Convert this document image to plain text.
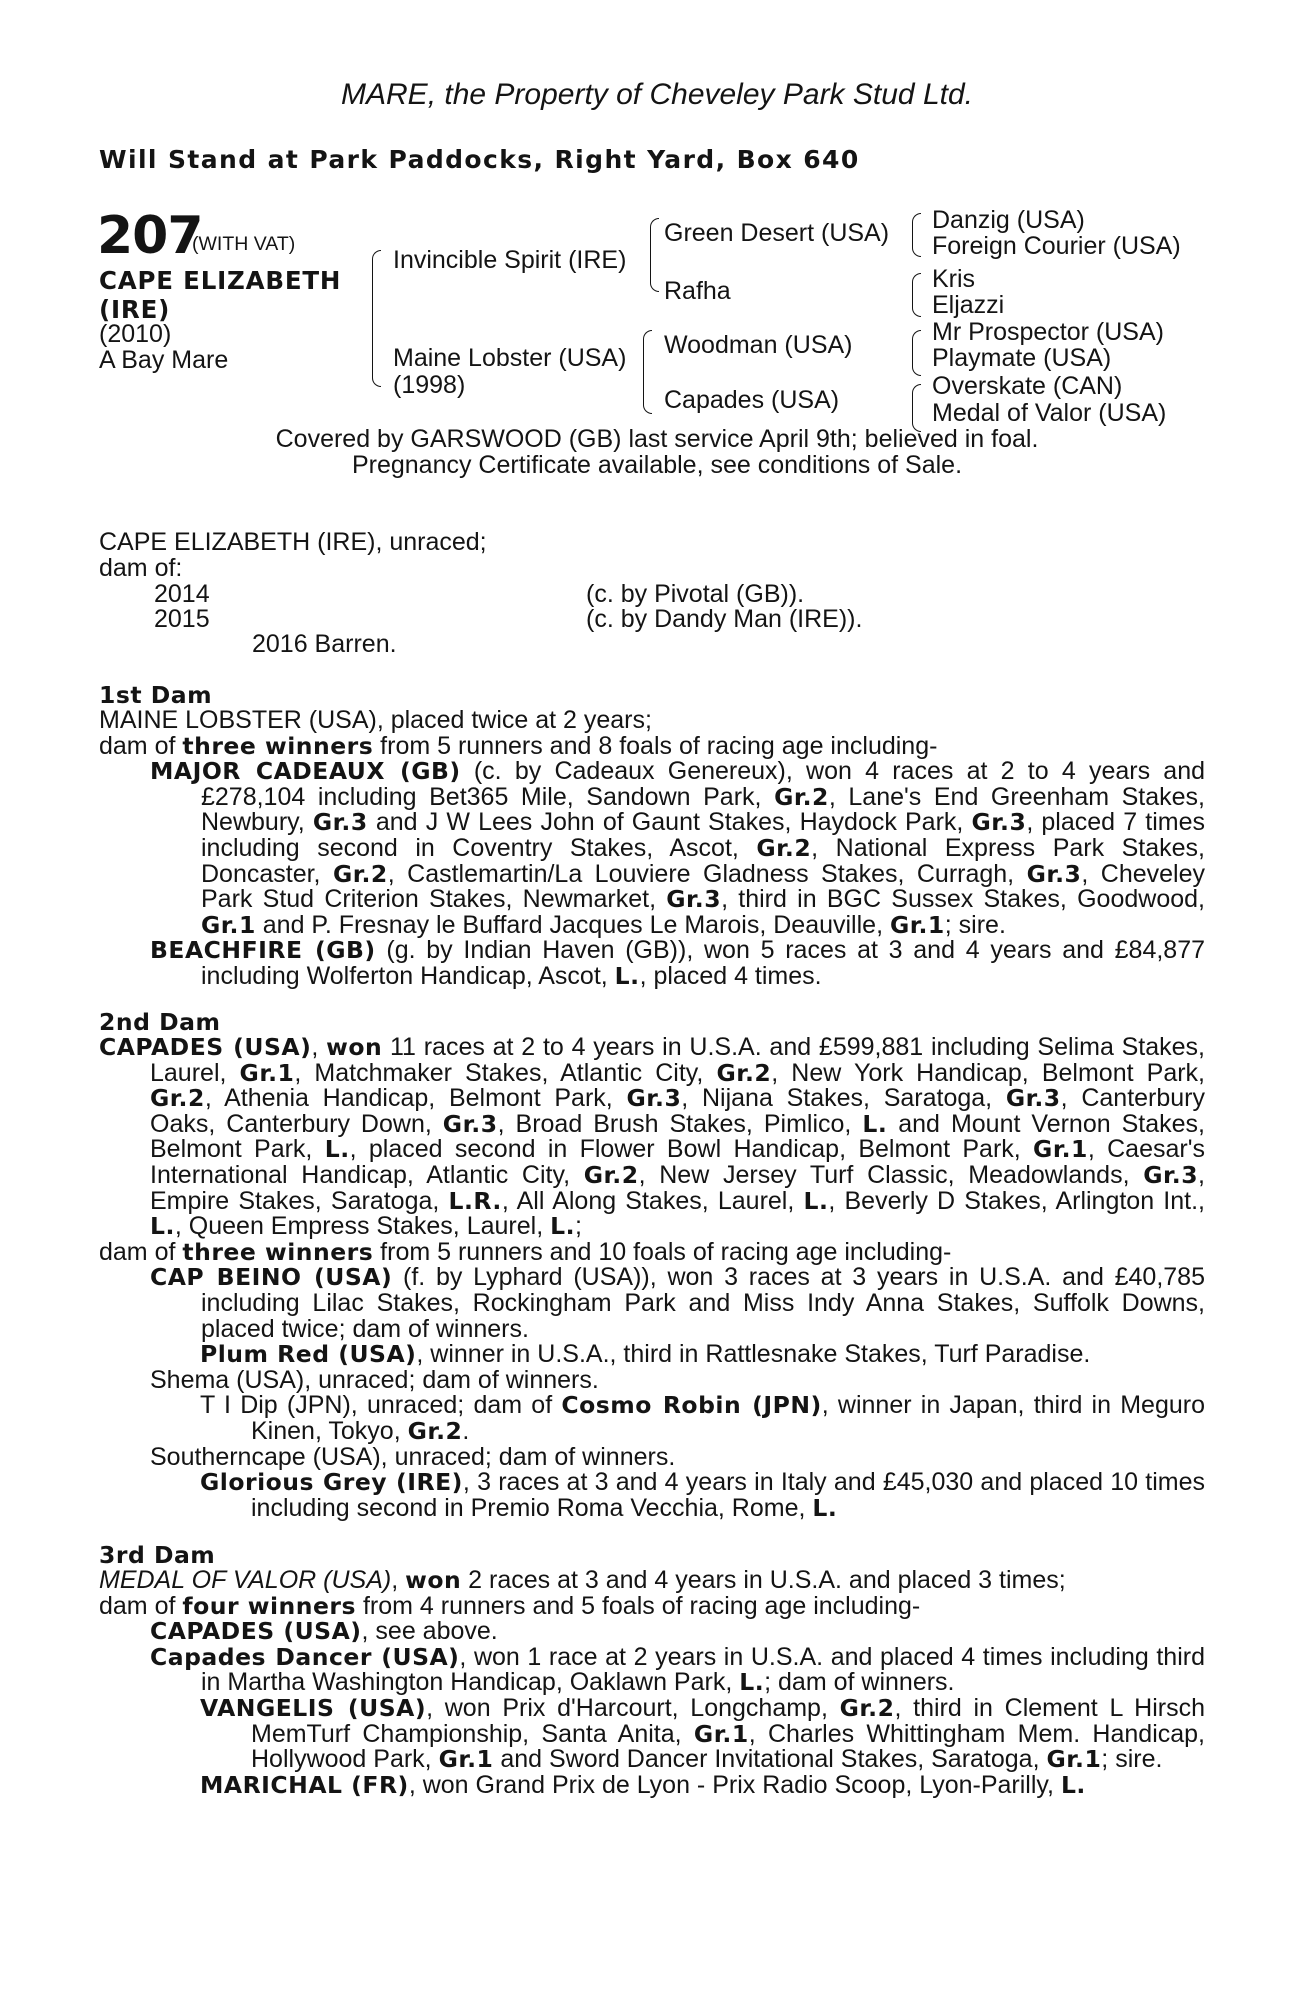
MARE, the Property of Cheveley Park Stud Ltd.
Will Stand at Park Paddocks, Right Yard, Box 640
207
(WITH VAT)
CAPE ELIZABETH (IRE)
(2010)
A Bay Mare
Invincible Spirit (IRE)
Maine Lobster (USA)
(1998)
Green Desert (USA)
Rafha
Woodman (USA)
Capades (USA)
Danzig (USA)
Foreign Courier (USA)
Kris
Eljazzi
Mr Prospector (USA)
Playmate (USA)
Overskate (CAN)
Medal of Valor (USA)
Covered by GARSWOOD (GB) last service April 9th; believed in foal.
Pregnancy Certificate available, see conditions of Sale.
CAPE ELIZABETH (IRE), unraced;
dam of:
2014	(c. by Pivotal (GB)).
2015	(c. by Dandy Man (IRE)).
2016 Barren.
1st Dam
MAINE LOBSTER (USA), placed twice at 2 years;
dam of three winners from 5 runners and 8 foals of racing age including-
MAJOR CADEAUX (GB) (c. by Cadeaux Genereux), won 4 races at 2 to 4 years and £278,104 including Bet365 Mile, Sandown Park, Gr.2, Lane's End Greenham Stakes, Newbury, Gr.3 and J W Lees John of Gaunt Stakes, Haydock Park, Gr.3, placed 7 times including second in Coventry Stakes, Ascot, Gr.2, National Express Park Stakes, Doncaster, Gr.2, Castlemartin/La Louviere Gladness Stakes, Curragh, Gr.3, Cheveley Park Stud Criterion Stakes, Newmarket, Gr.3, third in BGC Sussex Stakes, Goodwood, Gr.1 and P. Fresnay le Buffard Jacques Le Marois, Deauville, Gr.1; sire.
BEACHFIRE (GB) (g. by Indian Haven (GB)), won 5 races at 3 and 4 years and £84,877 including Wolferton Handicap, Ascot, L., placed 4 times.
2nd Dam
CAPADES (USA), won 11 races at 2 to 4 years in U.S.A. and £599,881 including Selima Stakes, Laurel, Gr.1, Matchmaker Stakes, Atlantic City, Gr.2, New York Handicap, Belmont Park, Gr.2, Athenia Handicap, Belmont Park, Gr.3, Nijana Stakes, Saratoga, Gr.3, Canterbury Oaks, Canterbury Down, Gr.3, Broad Brush Stakes, Pimlico, L. and Mount Vernon Stakes, Belmont Park, L., placed second in Flower Bowl Handicap, Belmont Park, Gr.1, Caesar's International Handicap, Atlantic City, Gr.2, New Jersey Turf Classic, Meadowlands, Gr.3, Empire Stakes, Saratoga, L.R., All Along Stakes, Laurel, L., Beverly D Stakes, Arlington Int., L., Queen Empress Stakes, Laurel, L.;
dam of three winners from 5 runners and 10 foals of racing age including-
CAP BEINO (USA) (f. by Lyphard (USA)), won 3 races at 3 years in U.S.A. and £40,785 including Lilac Stakes, Rockingham Park and Miss Indy Anna Stakes, Suffolk Downs, placed twice; dam of winners.
Plum Red (USA), winner in U.S.A., third in Rattlesnake Stakes, Turf Paradise.
Shema (USA), unraced; dam of winners.
T I Dip (JPN), unraced; dam of Cosmo Robin (JPN), winner in Japan, third in Meguro Kinen, Tokyo, Gr.2.
Southerncape (USA), unraced; dam of winners.
Glorious Grey (IRE), 3 races at 3 and 4 years in Italy and £45,030 and placed 10 times including second in Premio Roma Vecchia, Rome, L.
3rd Dam
MEDAL OF VALOR (USA), won 2 races at 3 and 4 years in U.S.A. and placed 3 times;
dam of four winners from 4 runners and 5 foals of racing age including-
CAPADES (USA), see above.
Capades Dancer (USA), won 1 race at 2 years in U.S.A. and placed 4 times including third in Martha Washington Handicap, Oaklawn Park, L.; dam of winners.
VANGELIS (USA), won Prix d'Harcourt, Longchamp, Gr.2, third in Clement L Hirsch MemTurf Championship, Santa Anita, Gr.1, Charles Whittingham Mem. Handicap, Hollywood Park, Gr.1 and Sword Dancer Invitational Stakes, Saratoga, Gr.1; sire.
MARICHAL (FR), won Grand Prix de Lyon - Prix Radio Scoop, Lyon-Parilly, L.
